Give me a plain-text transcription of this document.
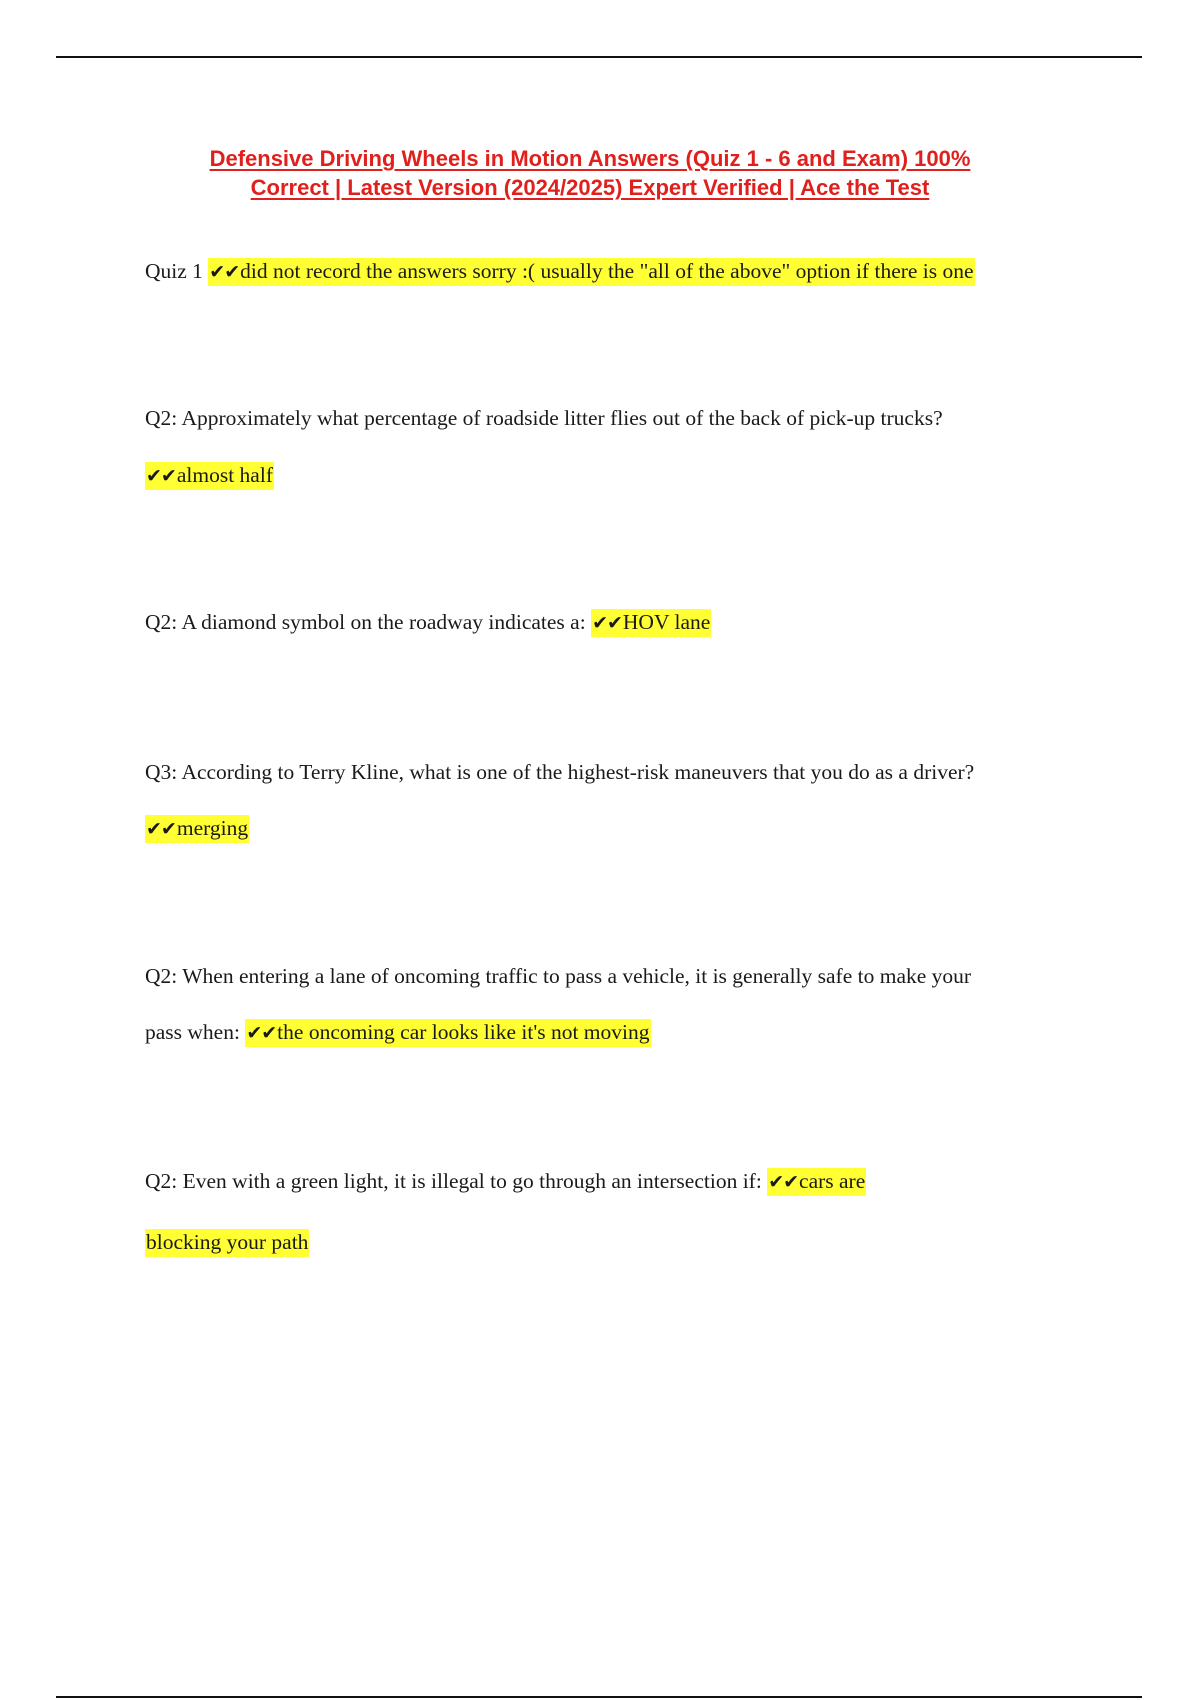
Defensive Driving Wheels in Motion Answers (Quiz 1 - 6 and Exam) 100%
Correct | Latest Version (2024/2025) Expert Verified | Ace the Test

Quiz 1 ✔✔did not record the answers sorry :( usually the "all of the above" option if there is one

Q2: Approximately what percentage of roadside litter flies out of the back of pick-up trucks?

✔✔almost half

Q2: A diamond symbol on the roadway indicates a: ✔✔HOV lane

Q3: According to Terry Kline, what is one of the highest-risk maneuvers that you do as a driver?

✔✔merging

Q2: When entering a lane of oncoming traffic to pass a vehicle, it is generally safe to make your

pass when: ✔✔the oncoming car looks like it's not moving

Q2: Even with a green light, it is illegal to go through an intersection if: ✔✔cars are

blocking your path
